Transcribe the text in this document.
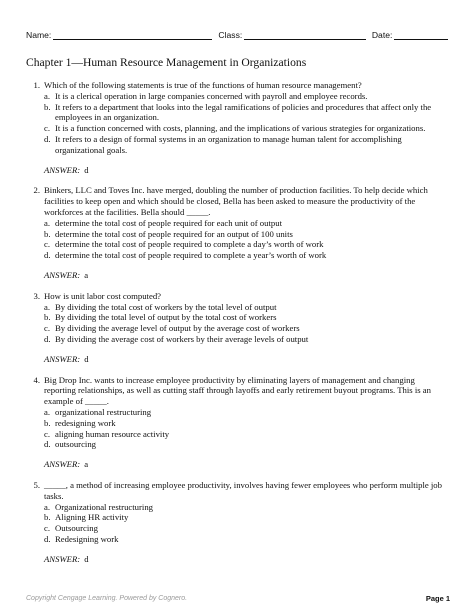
Name:	Class:	Date:
Chapter 1—Human Resource Management in Organizations
1. Which of the following statements is true of the functions of human resource management?
a. It is a clerical operation in large companies concerned with payroll and employee records.
b. It refers to a department that looks into the legal ramifications of policies and procedures that affect only the employees in an organization.
c. It is a function concerned with costs, planning, and the implications of various strategies for organizations.
d. It refers to a design of formal systems in an organization to manage human talent for accomplishing organizational goals.
ANSWER: d
2. Binkers, LLC and Toves Inc. have merged, doubling the number of production facilities. To help decide which facilities to keep open and which should be closed, Bella has been asked to measure the productivity of the workforces at the facilities. Bella should _____.
a. determine the total cost of people required for each unit of output
b. determine the total cost of people required for an output of 100 units
c. determine the total cost of people required to complete a day’s worth of work
d. determine the total cost of people required to complete a year’s worth of work
ANSWER: a
3. How is unit labor cost computed?
a. By dividing the total cost of workers by the total level of output
b. By dividing the total level of output by the total cost of workers
c. By dividing the average level of output by the average cost of workers
d. By dividing the average cost of workers by their average levels of output
ANSWER: d
4. Big Drop Inc. wants to increase employee productivity by eliminating layers of management and changing reporting relationships, as well as cutting staff through layoffs and early retirement buyout programs. This is an example of _____.
a. organizational restructuring
b. redesigning work
c. aligning human resource activity
d. outsourcing
ANSWER: a
5. _____, a method of increasing employee productivity, involves having fewer employees who perform multiple job tasks.
a. Organizational restructuring
b. Aligning HR activity
c. Outsourcing
d. Redesigning work
ANSWER: d
Copyright Cengage Learning. Powered by Cognero.	Page 1
